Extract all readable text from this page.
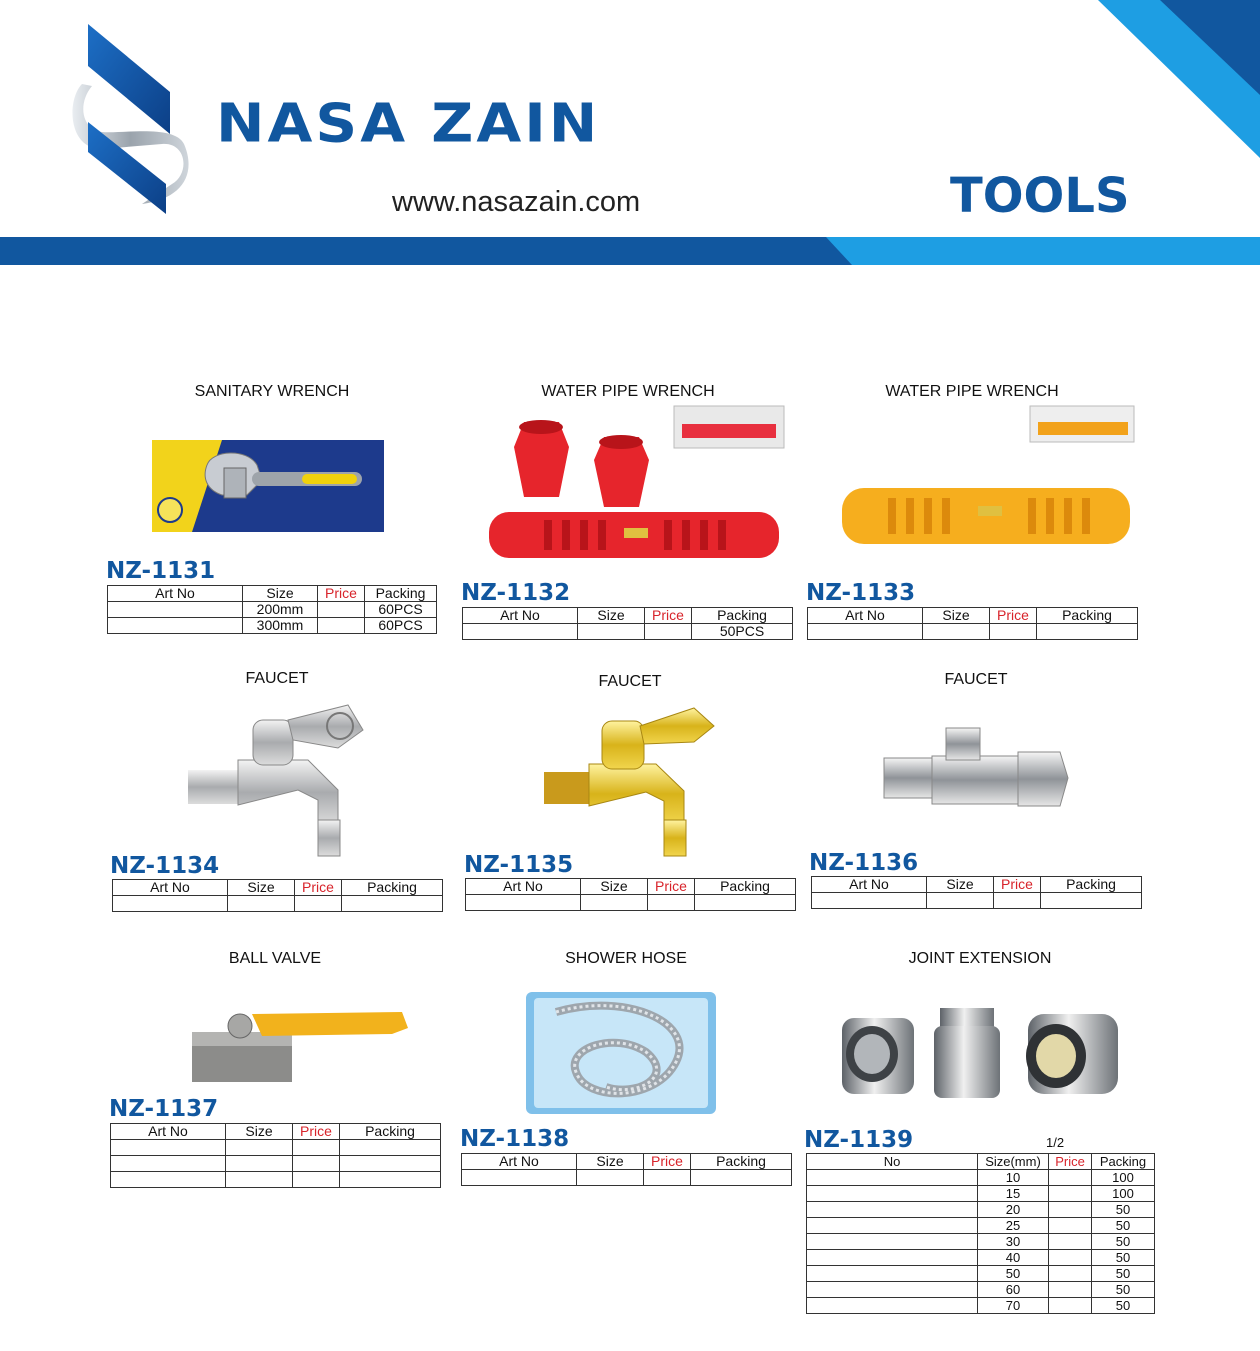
NASA ZAIN
www.nasazain.com	TOOLS
SANITARY WRENCH
NZ-1131
Art No	Size	Price	Packing
	200mm		60PCS
	300mm		60PCS
WATER PIPE WRENCH
NZ-1132
Art No	Size	Price	Packing
			50PCS
WATER PIPE WRENCH
NZ-1133
Art No	Size	Price	Packing

FAUCET
NZ-1134
Art No	Size	Price	Packing

FAUCET
NZ-1135
Art No	Size	Price	Packing

FAUCET
NZ-1136
Art No	Size	Price	Packing

BALL VALVE
NZ-1137
Art No	Size	Price	Packing

SHOWER HOSE
NZ-1138
Art No	Size	Price	Packing

JOINT EXTENSION
NZ-1139	1/2
No	Size(mm)	Price	Packing
	10		100
	15		100
	20		50
	25		50
	30		50
	40		50
	50		50
	60		50
	70		50
